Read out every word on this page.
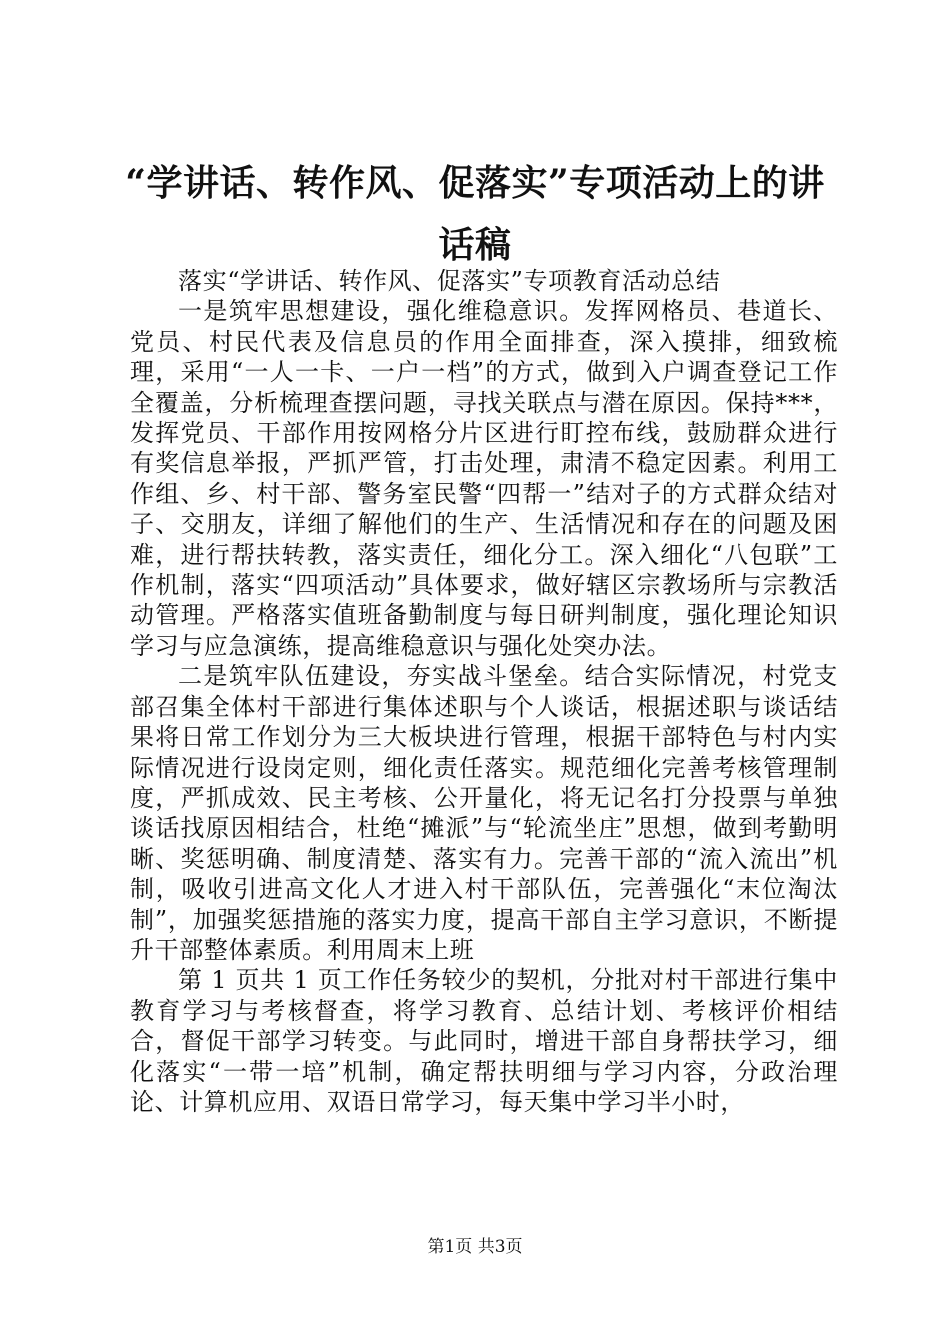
“学讲话、转作风、促落实”专项活动上的讲话稿

落实“学讲话、转作风、促落实”专项教育活动总结

一是筑牢思想建设，强化维稳意识。发挥网格员、巷道长、党员、村民代表及信息员的作用全面排查，深入摸排，细致梳理，采用“一人一卡、一户一档”的方式，做到入户调查登记工作全覆盖，分析梳理查摆问题，寻找关联点与潜在原因。保持***，发挥党员、干部作用按网格分片区进行盯控布线，鼓励群众进行有奖信息举报，严抓严管，打击处理，肃清不稳定因素。利用工作组、乡、村干部、警务室民警“四帮一”结对子的方式群众结对子、交朋友，详细了解他们的生产、生活情况和存在的问题及困难，进行帮扶转教，落实责任，细化分工。深入细化“八包联”工作机制，落实“四项活动”具体要求，做好辖区宗教场所与宗教活动管理。严格落实值班备勤制度与每日研判制度，强化理论知识学习与应急演练，提高维稳意识与强化处突办法。

二是筑牢队伍建设，夯实战斗堡垒。结合实际情况，村党支部召集全体村干部进行集体述职与个人谈话，根据述职与谈话结果将日常工作划分为三大板块进行管理，根据干部特色与村内实际情况进行设岗定则，细化责任落实。规范细化完善考核管理制度，严抓成效、民主考核、公开量化，将无记名打分投票与单独谈话找原因相结合，杜绝“摊派”与“轮流坐庄”思想，做到考勤明晰、奖惩明确、制度清楚、落实有力。完善干部的“流入流出”机制，吸收引进高文化人才进入村干部队伍，完善强化“末位淘汰制”，加强奖惩措施的落实力度，提高干部自主学习意识，不断提升干部整体素质。利用周末上班

第 1 页共 1 页工作任务较少的契机，分批对村干部进行集中教育学习与考核督查，将学习教育、总结计划、考核评价相结合，督促干部学习转变。与此同时，增进干部自身帮扶学习，细化落实“一带一培”机制，确定帮扶明细与学习内容，分政治理论、计算机应用、双语日常学习，每天集中学习半小时，

第1页 共3页
